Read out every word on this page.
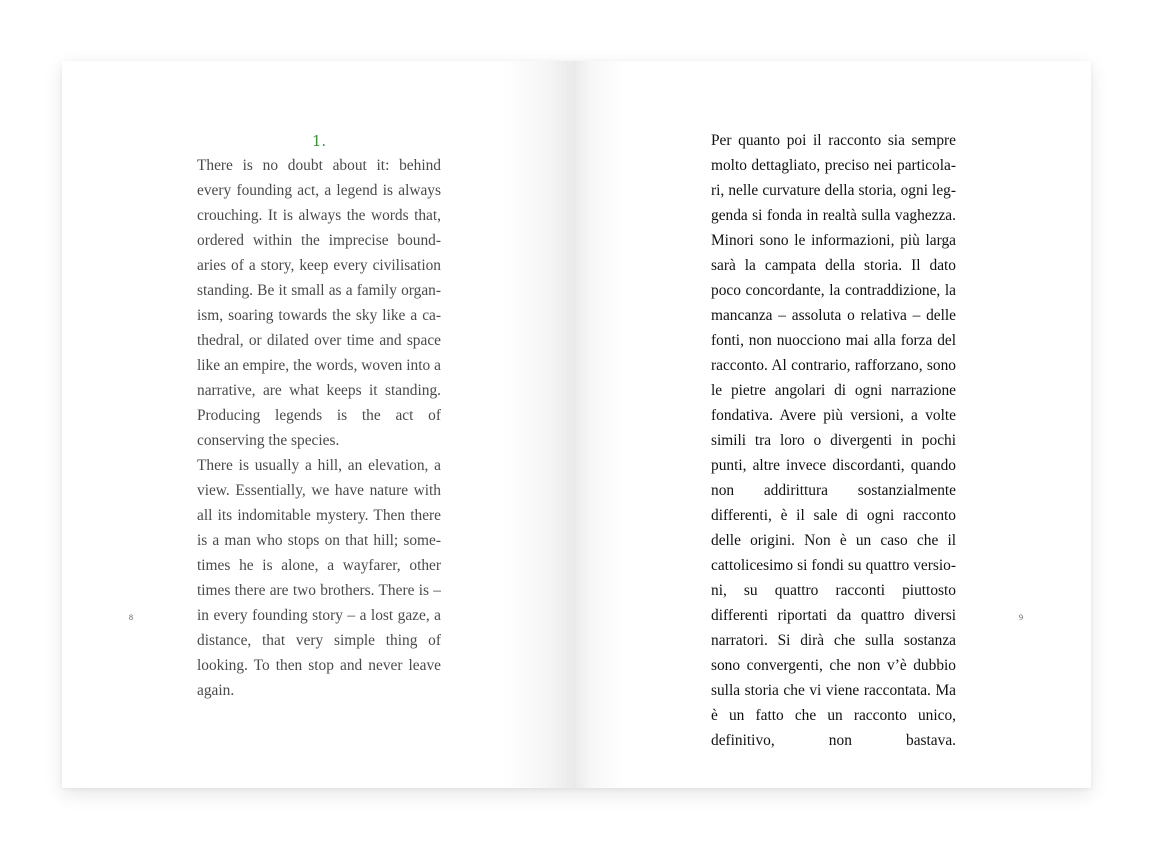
1.

There is no doubt about it: behind every founding act, a legend is always crouching. It is always the words that, ordered within the imprecise boundaries of a story, keep every civilisation standing. Be it small as a family organism, soaring towards the sky like a cathedral, or dilated over time and space like an empire, the words, woven into a narrative, are what keeps it standing. Producing legends is the act of conserving the species.

There is usually a hill, an elevation, a view. Essentially, we have nature with all its indomitable mystery. Then there is a man who stops on that hill; sometimes he is alone, a wayfarer, other times there are two brothers. There is – in every founding story – a lost gaze, a distance, that very simple thing of looking. To then stop and never leave again.

8

Per quanto poi il racconto sia sempre molto dettagliato, preciso nei particolari, nelle curvature della storia, ogni leggenda si fonda in realtà sulla vaghezza. Minori sono le informazioni, più larga sarà la campata della storia. Il dato poco concordante, la contraddizione, la mancanza – assoluta o relativa – delle fonti, non nuocciono mai alla forza del racconto. Al contrario, rafforzano, sono le pietre angolari di ogni narrazione fondativa. Avere più versioni, a volte simili tra loro o divergenti in pochi punti, altre invece discordanti, quando non addirittura sostanzialmente differenti, è il sale di ogni racconto delle origini. Non è un caso che il cattolicesimo si fondi su quattro versioni, su quattro racconti piuttosto differenti riportati da quattro diversi narratori. Si dirà che sulla sostanza sono convergenti, che non v’è dubbio sulla storia che vi viene raccontata. Ma è un fatto che un racconto unico, definitivo, non bastava.

9
